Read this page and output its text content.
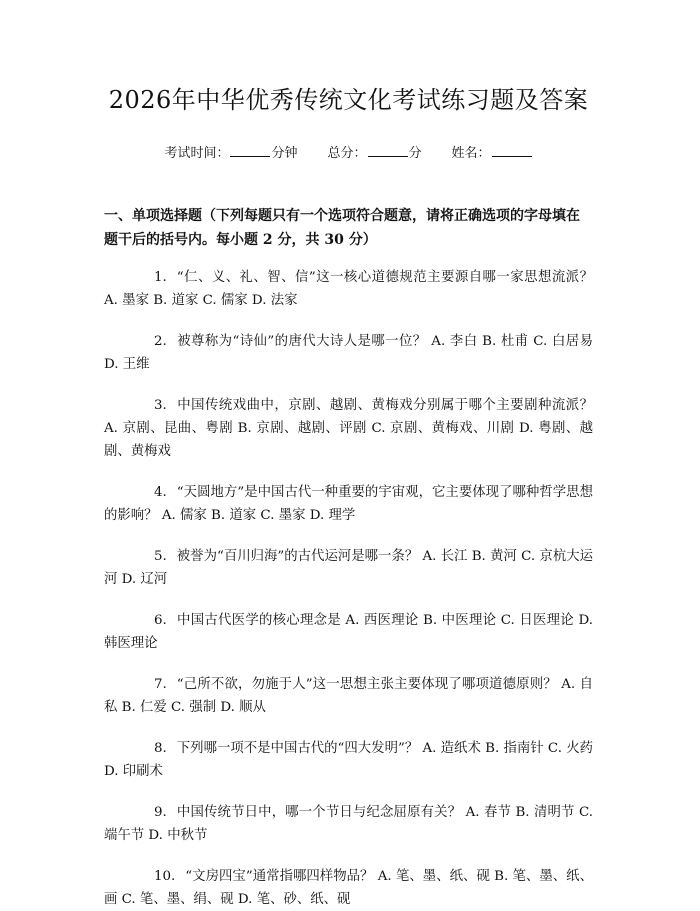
2026年中华优秀传统文化考试练习题及答案
考试时间：	分钟 总分：	分 姓名：
一、单项选择题（下列每题只有一个选项符合题意，请将正确选项的字母填在题干后的括号内。每小题 2 分，共 30 分）

1. “仁、义、礼、智、信”这一核心道德规范主要源自哪一家思想流派？ A. 墨家 B. 道家 C. 儒家 D. 法家

2. 被尊称为“诗仙”的唐代大诗人是哪一位？ A. 李白 B. 杜甫 C. 白居易 D. 王维

3. 中国传统戏曲中，京剧、越剧、黄梅戏分别属于哪个主要剧种流派？ A. 京剧、昆曲、粤剧 B. 京剧、越剧、评剧 C. 京剧、黄梅戏、川剧 D. 粤剧、越剧、黄梅戏

4. “天圆地方”是中国古代一种重要的宇宙观，它主要体现了哪种哲学思想的影响？ A. 儒家 B. 道家 C. 墨家 D. 理学

5. 被誉为“百川归海”的古代运河是哪一条？ A. 长江 B. 黄河 C. 京杭大运河 D. 辽河

6. 中国古代医学的核心理念是 A. 西医理论 B. 中医理论 C. 日医理论 D. 韩医理论

7. “己所不欲，勿施于人”这一思想主张主要体现了哪项道德原则？ A. 自私 B. 仁爱 C. 强制 D. 顺从

8. 下列哪一项不是中国古代的“四大发明”？ A. 造纸术 B. 指南针 C. 火药 D. 印刷术

9. 中国传统节日中，哪一个节日与纪念屈原有关？ A. 春节 B. 清明节 C. 端午节 D. 中秋节

10. “文房四宝”通常指哪四样物品？ A. 笔、墨、纸、砚 B. 笔、墨、纸、画 C. 笔、墨、绢、砚 D. 笔、砂、纸、砚
